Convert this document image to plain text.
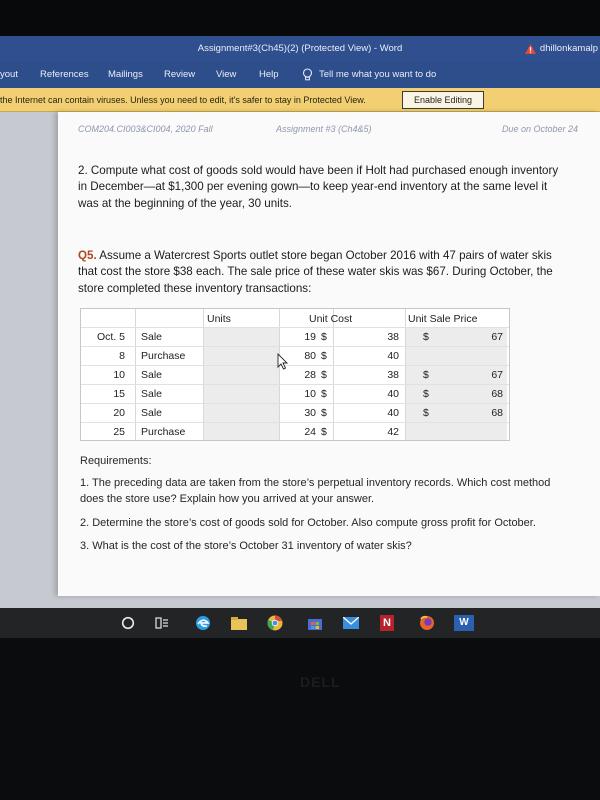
Assignment#3(Ch45)(2) (Protected View) - Word	dhillonkamalp
yout References Mailings Review View Help	Tell me what you want to do
the Internet can contain viruses. Unless you need to edit, it's safer to stay in Protected View.	Enable Editing
COM204.CI003&CI004, 2020 Fall	Assignment #3 (Ch4&5)	Due on October 24
2. Compute what cost of goods sold would have been if Holt had purchased enough inventory in December—at $1,300 per evening gown—to keep year-end inventory at the same level it was at the beginning of the year, 30 units.
Q5. Assume a Watercrest Sports outlet store began October 2016 with 47 pairs of water skis that cost the store $38 each. The sale price of these water skis was $67. During October, the store completed these inventory transactions:
Units	Unit Cost	Unit Sale Price
Oct. 5 Sale	19 $	38 $	67
8 Purchase	80 $	40
10 Sale	28 $	38 $	67
15 Sale	10 $	40 $	68
20 Sale	30 $	40 $	68
25 Purchase	24 $	42

Requirements:

1. The preceding data are taken from the store’s perpetual inventory records. Which cost method does the store use? Explain how you arrived at your answer.

2. Determine the store’s cost of goods sold for October. Also compute gross profit for October.

3. What is the cost of the store’s October 31 inventory of water skis?

N	W
DELL
